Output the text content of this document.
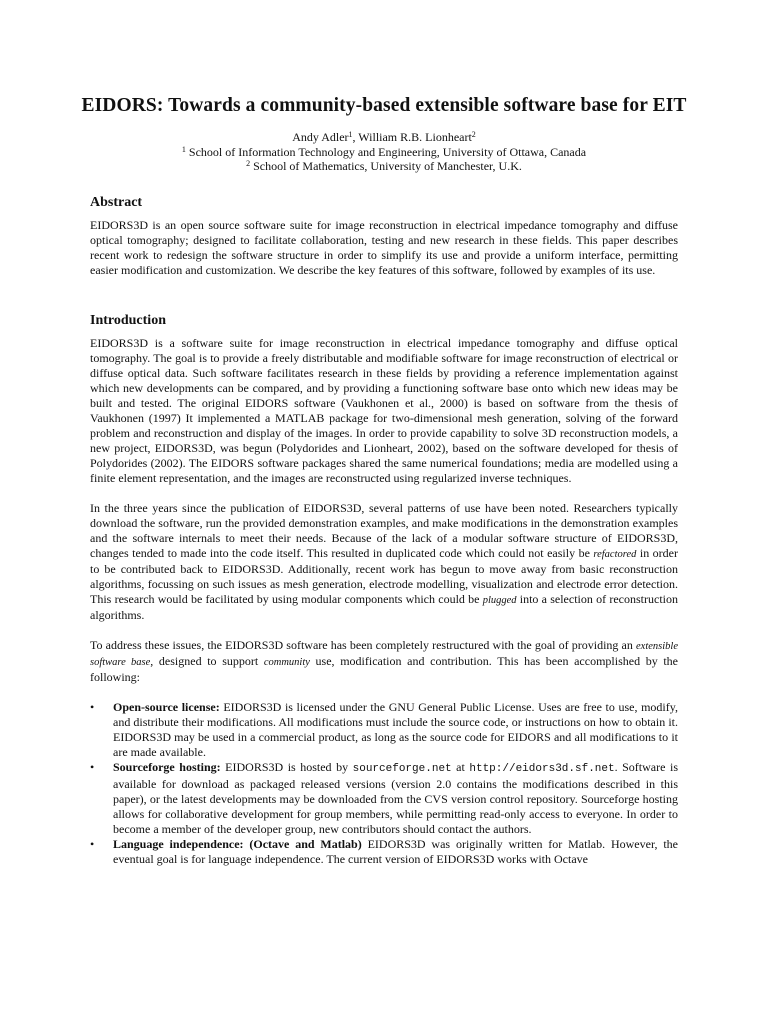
EIDORS: Towards a community-based extensible software base for EIT
Andy Adler$^1$, William R.B. Lionheart$^2$
$^1$ School of Information Technology and Engineering, University of Ottawa, Canada
$^2$ School of Mathematics, University of Manchester, U.K.
Abstract

EIDORS3D is an open source software suite for image reconstruction in electrical impedance tomography and diffuse optical tomography; designed to facilitate collaboration, testing and new research in these fields. This paper describes recent work to redesign the software structure in order to simplify its use and provide a uniform interface, permitting easier modification and customization. We describe the key features of this software, followed by examples of its use.

Introduction

EIDORS3D is a software suite for image reconstruction in electrical impedance tomography and diffuse optical tomography. The goal is to provide a freely distributable and modifiable software for image reconstruction of electrical or diffuse optical data. Such software facilitates research in these fields by providing a reference implementation against which new developments can be compared, and by providing a functioning software base onto which new ideas may be built and tested. The original EIDORS software (Vaukhonen et al., 2000) is based on software from the thesis of Vaukhonen (1997) It implemented a MATLAB package for two-dimensional mesh generation, solving of the forward problem and reconstruction and display of the images. In order to provide capability to solve 3D reconstruction models, a new project, EIDORS3D, was begun (Polydorides and Lionheart, 2002), based on the software developed for thesis of Polydorides (2002). The EIDORS software packages shared the same numerical foundations; media are modelled using a finite element representation, and the images are reconstructed using regularized inverse techniques.

In the three years since the publication of EIDORS3D, several patterns of use have been noted. Researchers typically download the software, run the provided demonstration examples, and make modifications in the demonstration examples and the software internals to meet their needs. Because of the lack of a modular software structure of EIDORS3D, changes tended to made into the code itself. This resulted in duplicated code which could not easily be refactored in order to be contributed back to EIDORS3D. Additionally, recent work has begun to move away from basic reconstruction algorithms, focussing on such issues as mesh generation, electrode modelling, visualization and electrode error detection. This research would be facilitated by using modular components which could be plugged into a selection of reconstruction algorithms.

To address these issues, the EIDORS3D software has been completely restructured with the goal of providing an extensible software base, designed to support community use, modification and contribution. This has been accomplished by the following:

• Open-source license: EIDORS3D is licensed under the GNU General Public License. Uses are free to use, modify, and distribute their modifications. All modifications must include the source code, or instructions on how to obtain it. EIDORS3D may be used in a commercial product, as long as the source code for EIDORS and all modifications to it are made available.
• Sourceforge hosting: EIDORS3D is hosted by sourceforge.net at http://eidors3d.sf.net. Software is available for download as packaged released versions (version 2.0 contains the modifications described in this paper), or the latest developments may be downloaded from the CVS version control repository. Sourceforge hosting allows for collaborative development for group members, while permitting read-only access to everyone. In order to become a member of the developer group, new contributors should contact the authors.
• Language independence: (Octave and Matlab) EIDORS3D was originally written for Matlab. However, the eventual goal is for language independence. The current version of EIDORS3D works with Octave
